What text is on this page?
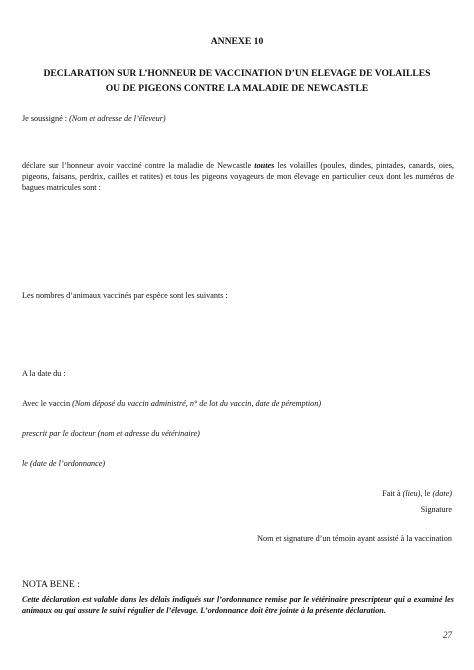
ANNEXE 10
DECLARATION SUR L’HONNEUR DE VACCINATION D’UN ELEVAGE DE VOLAILLES
OU DE PIGEONS CONTRE LA MALADIE DE NEWCASTLE
Je soussigné : (Nom et adresse de l’éleveur)
déclare sur l’honneur avoir vacciné contre la maladie de Newcastle toutes les volailles (poules, dindes, pintades, canards, oies, pigeons, faisans, perdrix, cailles et ratites) et tous les pigeons voyageurs de mon élevage en particulier ceux dont les numéros de bagues matricules sont :
Les nombres d’animaux vaccinés par espèce sont les suivants :
A la date du :
Avec le vaccin (Nom déposé du vaccin administré, n° de lot du vaccin, date de péremption)
prescrit par le docteur (nom et adresse du vétérinaire)
le (date de l’ordonnance)
Fait à (lieu), le (date)
Signature
Nom et signature d’un témoin ayant assisté à la vaccination
NOTA BENE :
Cette déclaration est valable dans les délais indiqués sur l’ordonnance remise par le vétérinaire prescripteur qui a examiné les animaux ou qui assure le suivi régulier de l’élevage. L’ordonnance doit être jointe à la présente déclaration.
27
